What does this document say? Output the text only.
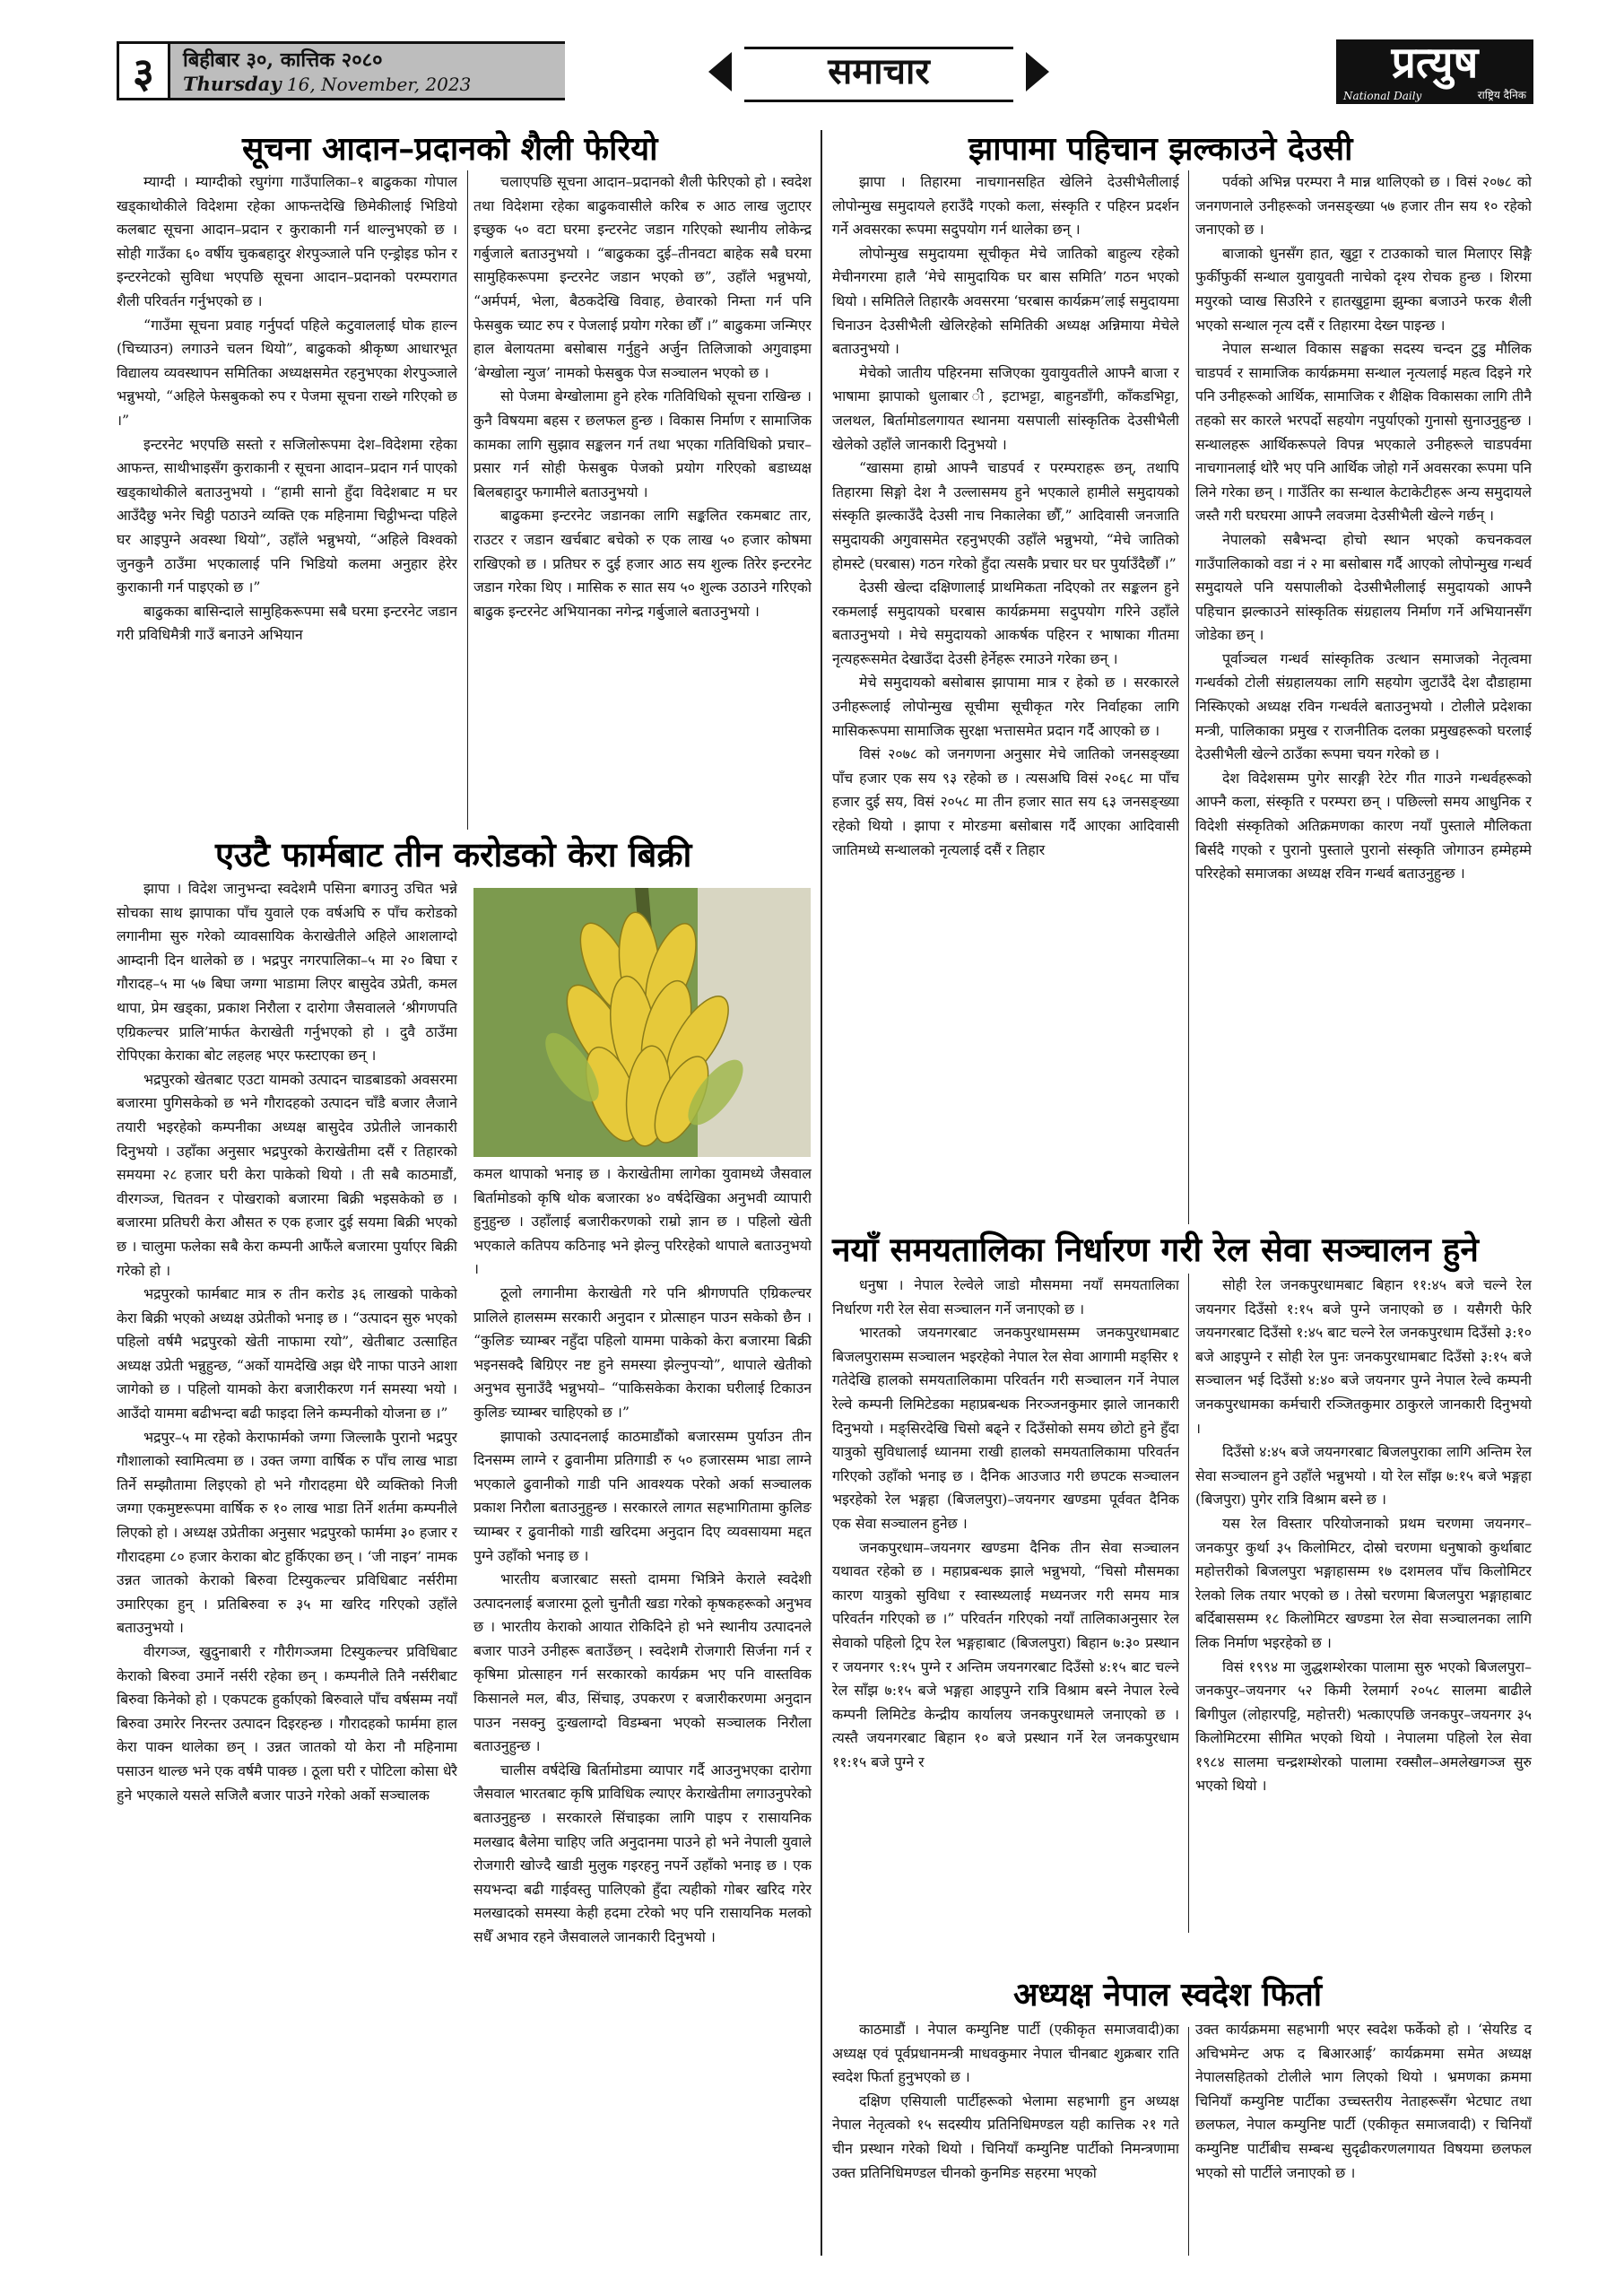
३	बिहीबार ३०, कात्तिक २०८०
Thursday 16, November, 2023	समाचार	प्रत्युष
National Daily	राष्ट्रिय दैनिक
सूचना आदान–प्रदानको शैली फेरियो

म्याग्दी । म्याग्दीको रघुगंगा गाउँपालिका–१ बाढुकका गोपाल खड्काथोकीले विदेशमा रहेका आफन्तदेखि छिमेकीलाई भिडियो कलबाट सूचना आदान–प्रदान र कुराकानी गर्न थाल्नुभएको छ । सोही गाउँका ६० वर्षीय चुकबहादुर शेरपुञ्जाले पनि एन्ड्रोइड फोन र इन्टरनेटको सुविधा भएपछि सूचना आदान–प्रदानको परम्परागत शैली परिवर्तन गर्नुभएको छ ।

“गाउँमा सूचना प्रवाह गर्नुपर्दा पहिले कटुवाललाई घोक हाल्न (चिच्याउन) लगाउने चलन थियो”, बाढुकको श्रीकृष्ण आधारभूत विद्यालय व्यवस्थापन समितिका अध्यक्षसमेत रहनुभएका शेरपुञ्जाले भन्नुभयो, “अहिले फेसबुकको रुप र पेजमा सूचना राख्ने गरिएको छ ।”

इन्टरनेट भएपछि सस्तो र सजिलोरूपमा देश–विदेशमा रहेका आफन्त, साथीभाइसँग कुराकानी र सूचना आदान–प्रदान गर्न पाएको खड्काथोकीले बताउनुभयो । “हामी सानो हुँदा विदेशबाट म घर आउँदैछु भनेर चिट्ठी पठाउने व्यक्ति एक महिनामा चिट्ठीभन्दा पहिले घर आइपुग्ने अवस्था थियो”, उहाँले भन्नुभयो, “अहिले विश्वको जुनकुनै ठाउँमा भएकालाई पनि भिडियो कलमा अनुहार हेरेर कुराकानी गर्न पाइएको छ ।”

बाढुकका बासिन्दाले सामुहिकरूपमा सबै घरमा इन्टरनेट जडान गरी प्रविधिमैत्री गाउँ बनाउने अभियान

चलाएपछि सूचना आदान–प्रदानको शैली फेरिएको हो । स्वदेश तथा विदेशमा रहेका बाढुकवासीले करिब रु आठ लाख जुटाएर इच्छुक ५० वटा घरमा इन्टरनेट जडान गरिएको स्थानीय लोकेन्द्र गर्बुजाले बताउनुभयो । “बाढुकका दुई–तीनवटा बाहेक सबै घरमा सामुहिकरूपमा इन्टरनेट जडान भएको छ”, उहाँले भन्नुभयो, “अर्मपर्म, भेला, बैठकदेखि विवाह, छेवारको निम्ता गर्न पनि फेसबुक च्याट रुप र पेजलाई प्रयोग गरेका छौँ ।” बाढुकमा जन्मिएर हाल बेलायतमा बसोबास गर्नुहुने अर्जुन तिलिजाको अगुवाइमा ‘बेग्खोला न्युज’ नामको फेसबुक पेज सञ्चालन भएको छ ।

सो पेजमा बेग्खोलामा हुने हरेक गतिविधिको सूचना राखिन्छ । कुनै विषयमा बहस र छलफल हुन्छ । विकास निर्माण र सामाजिक कामका लागि सुझाव सङ्कलन गर्न तथा भएका गतिविधिको प्रचार–प्रसार गर्न सोही फेसबुक पेजको प्रयोग गरिएको बडाध्यक्ष बिलबहादुर फगामीले बताउनुभयो ।

बाढुकमा इन्टरनेट जडानका लागि सङ्कलित रकमबाट तार, राउटर र जडान खर्चबाट बचेको रु एक लाख ५० हजार कोषमा राखिएको छ । प्रतिघर रु दुई हजार आठ सय शुल्क तिरेर इन्टरनेट जडान गरेका थिए । मासिक रु सात सय ५० शुल्क उठाउने गरिएको बाढुक इन्टरनेट अभियानका नगेन्द्र गर्बुजाले बताउनुभयो ।

एउटै फार्मबाट तीन करोडको केरा बिक्री

झापा । विदेश जानुभन्दा स्वदेशमै पसिना बगाउनु उचित भन्ने सोचका साथ झापाका पाँच युवाले एक वर्षअघि रु पाँच करोडको लगानीमा सुरु गरेको व्यावसायिक केराखेतीले अहिले आशलाग्दो आम्दानी दिन थालेको छ । भद्रपुर नगरपालिका–५ मा २० बिघा र गौरादह–५ मा ५७ बिघा जग्गा भाडामा लिएर बासुदेव उप्रेती, कमल थापा, प्रेम खड्का, प्रकाश निरौला र दारोगा जैसवालले ‘श्रीगणपति एग्रिकल्चर प्रालि’मार्फत केराखेती गर्नुभएको हो । दुवै ठाउँमा रोपिएका केराका बोट लहलह भएर फस्टाएका छन् ।

भद्रपुरको खेतबाट एउटा यामको उत्पादन चाडबाडको अवसरमा बजारमा पुगिसकेको छ भने गौरादहको उत्पादन चाँडै बजार लैजाने तयारी भइरहेको कम्पनीका अध्यक्ष बासुदेव उप्रेतीले जानकारी दिनुभयो । उहाँका अनुसार भद्रपुरको केराखेतीमा दसैं र तिहारको समयमा २८ हजार घरी केरा पाकेको थियो । ती सबै काठमाडौं, वीरगञ्ज, चितवन र पोखराको बजारमा बिक्री भइसकेको छ । बजारमा प्रतिघरी केरा औसत रु एक हजार दुई सयमा बिक्री भएको छ । चालुमा फलेका सबै केरा कम्पनी आफैंले बजारमा पुर्याएर बिक्री गरेको हो ।

भद्रपुरको फार्मबाट मात्र रु तीन करोड ३६ लाखको पाकेको केरा बिक्री भएको अध्यक्ष उप्रेतीको भनाइ छ । “उत्पादन सुरु भएको पहिलो वर्षमै भद्रपुरको खेती नाफामा रयो”, खेतीबाट उत्साहित अध्यक्ष उप्रेती भन्नुहुन्छ, “अर्को यामदेखि अझ धेरै नाफा पाउने आशा जागेको छ । पहिलो यामको केरा बजारीकरण गर्न समस्या भयो । आउँदो याममा बढीभन्दा बढी फाइदा लिने कम्पनीको योजना छ ।”

भद्रपुर–५ मा रहेको केराफार्मको जग्गा जिल्लाकै पुरानो भद्रपुर गौशालाको स्वामित्वमा छ । उक्त जग्गा वार्षिक रु पाँच लाख भाडा तिर्ने सम्झौतामा लिइएको हो भने गौरादहमा धेरै व्यक्तिको निजी जग्गा एकमुष्टरूपमा वार्षिक रु १० लाख भाडा तिर्ने शर्तमा कम्पनीले लिएको हो । अध्यक्ष उप्रेतीका अनुसार भद्रपुरको फार्ममा ३० हजार र गौरादहमा ८० हजार केराका बोट हुर्किएका छन् । ‘जी नाइन’ नामक उन्नत जातको केराको बिरुवा टिस्युकल्चर प्रविधिबाट नर्सरीमा उमारिएका हुन् । प्रतिबिरुवा रु ३५ मा खरिद गरिएको उहाँले बताउनुभयो ।

वीरगञ्ज, खुदुनाबारी र गौरीगञ्जमा टिस्युकल्चर प्रविधिबाट केराको बिरुवा उमार्ने नर्सरी रहेका छन् । कम्पनीले तिनै नर्सरीबाट बिरुवा किनेको हो । एकपटक हुर्काएको बिरुवाले पाँच वर्षसम्म नयाँ बिरुवा उमारेर निरन्तर उत्पादन दिइरहन्छ । गौरादहको फार्ममा हाल केरा पाक्न थालेका छन् । उन्नत जातको यो केरा नौ महिनामा पसाउन थाल्छ भने एक वर्षमै पाक्छ । ठूला घरी र पोटिला कोसा धेरै हुने भएकाले यसले सजिलै बजार पाउने गरेको अर्को सञ्चालक

कमल थापाको भनाइ छ । केराखेतीमा लागेका युवामध्ये जैसवाल बिर्तामोडको कृषि थोक बजारका ४० वर्षदेखिका अनुभवी व्यापारी हुनुहुन्छ । उहाँलाई बजारीकरणको राम्रो ज्ञान छ । पहिलो खेती भएकाले कतिपय कठिनाइ भने झेल्नु परिरहेको थापाले बताउनुभयो ।

ठूलो लगानीमा केराखेती गरे पनि श्रीगणपति एग्रिकल्चर प्रालिले हालसम्म सरकारी अनुदान र प्रोत्साहन पाउन सकेको छैन । “कुलिङ च्याम्बर नहुँदा पहिलो याममा पाकेको केरा बजारमा बिक्री भइनसक्दै बिग्रिएर नष्ट हुने समस्या झेल्नुपर्‍यो”, थापाले खेतीको अनुभव सुनाउँदै भन्नुभयो– “पाकिसकेका केराका घरीलाई टिकाउन कुलिङ च्याम्बर चाहिएको छ ।”

झापाको उत्पादनलाई काठमाडौंको बजारसम्म पुर्याउन तीन दिनसम्म लाग्ने र ढुवानीमा प्रतिगाडी रु ५० हजारसम्म भाडा लाग्ने भएकाले ढुवानीको गाडी पनि आवश्यक परेको अर्का सञ्चालक प्रकाश निरौला बताउनुहुन्छ । सरकारले लागत सहभागितामा कुलिङ च्याम्बर र ढुवानीको गाडी खरिदमा अनुदान दिए व्यवसायमा मद्दत पुग्ने उहाँको भनाइ छ ।

भारतीय बजारबाट सस्तो दाममा भित्रिने केराले स्वदेशी उत्पादनलाई बजारमा ठूलो चुनौती खडा गरेको कृषकहरूको अनुभव छ । भारतीय केराको आयात रोकिदिने हो भने स्थानीय उत्पादनले बजार पाउने उनीहरू बताउँछन् । स्वदेशमै रोजगारी सिर्जना गर्न र कृषिमा प्रोत्साहन गर्न सरकारको कार्यक्रम भए पनि वास्तविक किसानले मल, बीउ, सिंचाइ, उपकरण र बजारीकरणमा अनुदान पाउन नसक्नु दुःखलाग्दो विडम्बना भएको सञ्चालक निरौला बताउनुहुन्छ ।

चालीस वर्षदेखि बिर्तामोडमा व्यापार गर्दै आउनुभएका दारोगा जैसवाल भारतबाट कृषि प्राविधिक ल्याएर केराखेतीमा लगाउनुपरेको बताउनुहुन्छ । सरकारले सिंचाइका लागि पाइप र रासायनिक मलखाद बैलेमा चाहिए जति अनुदानमा पाउने हो भने नेपाली युवाले रोजगारी खोज्दै खाडी मुलुक गइरहनु नपर्ने उहाँको भनाइ छ । एक सयभन्दा बढी गाईवस्तु पालिएको हुँदा त्यहीको गोबर खरिद गरेर मलखादको समस्या केही हदमा टरेको भए पनि रासायनिक मलको सधैँ अभाव रहने जैसवालले जानकारी दिनुभयो ।

झापामा पहिचान झल्काउने देउसी

झापा । तिहारमा नाचगानसहित खेलिने देउसीभैलीलाई लोपोन्मुख समुदायले हराउँदै गएको कला, संस्कृति र पहिरन प्रदर्शन गर्ने अवसरका रूपमा सदुपयोग गर्न थालेका छन् ।

लोपोन्मुख समुदायमा सूचीकृत मेचे जातिको बाहुल्य रहेको मेचीनगरमा हालै ‘मेचे सामुदायिक घर बास समिति’ गठन भएको थियो । समितिले तिहारकै अवसरमा ‘घरबास कार्यक्रम’लाई समुदायमा चिनाउन देउसीभैली खेलिरहेको समितिकी अध्यक्ष अन्निमाया मेचेले बताउनुभयो ।

मेचेको जातीय पहिरनमा सजिएका युवायुवतीले आफ्नै बाजा र भाषामा झापाको धुलाबार ी, इटाभट्टा, बाहुनडाँगी, काँकडभिट्टा, जलथल, बिर्तामोडलगायत स्थानमा यसपाली सांस्कृतिक देउसीभैली खेलेको उहाँले जानकारी दिनुभयो ।

“खासमा हाम्रो आफ्नै चाडपर्व र परम्पराहरू छन्, तथापि तिहारमा सिङ्गो देश नै उल्लासमय हुने भएकाले हामीले समुदायको संस्कृति झल्काउँदै देउसी नाच निकालेका छौँ,” आदिवासी जनजाति समुदायकी अगुवासमेत रहनुभएकी उहाँले भन्नुभयो, “मेचे जातिको होमस्टे (घरबास) गठन गरेको हुँदा त्यसकै प्रचार घर घर पुर्याउँदैछौँ ।”

देउसी खेल्दा दक्षिणालाई प्राथमिकता नदिएको तर सङ्कलन हुने रकमलाई समुदायको घरबास कार्यक्रममा सदुपयोग गरिने उहाँले बताउनुभयो । मेचे समुदायको आकर्षक पहिरन र भाषाका गीतमा नृत्यहरूसमेत देखाउँदा देउसी हेर्नेहरू रमाउने गरेका छन् ।

मेचे समुदायको बसोबास झापामा मात्र र हेको छ । सरकारले उनीहरूलाई लोपोन्मुख सूचीमा सूचीकृत गरेर निर्वाहका लागि मासिकरूपमा सामाजिक सुरक्षा भत्तासमेत प्रदान गर्दै आएको छ ।

विसं २०७८ को जनगणना अनुसार मेचे जातिको जनसङ्ख्या पाँच हजार एक सय ९३ रहेको छ । त्यसअघि विसं २०६८ मा पाँच हजार दुई सय, विसं २०५८ मा तीन हजार सात सय ६३ जनसङ्ख्या रहेको थियो । झापा र मोरङमा बसोबास गर्दै आएका आदिवासी जातिमध्ये सन्थालको नृत्यलाई दसैं र तिहार

पर्वको अभिन्न परम्परा नै मान्न थालिएको छ । विसं २०७८ को जनगणनाले उनीहरूको जनसङ्ख्या ५७ हजार तीन सय १० रहेको जनाएको छ ।

बाजाको धुनसँग हात, खुट्टा र टाउकाको चाल मिलाएर सिङ्गै फुर्कीफुर्की सन्थाल युवायुवती नाचेको दृश्य रोचक हुन्छ । शिरमा मयुरको प्वाख सिउरिने र हातखुट्टामा झुम्का बजाउने फरक शैली भएको सन्थाल नृत्य दसैं र तिहारमा देख्न पाइन्छ ।

नेपाल सन्थाल विकास सङ्घका सदस्य चन्दन टुडु मौलिक चाडपर्व र सामाजिक कार्यक्रममा सन्थाल नृत्यलाई महत्व दिइने गरे पनि उनीहरूको आर्थिक, सामाजिक र शैक्षिक विकासका लागि तीनै तहको सर कारले भरपर्दो सहयोग नपुर्याएको गुनासो सुनाउनुहुन्छ । सन्थालहरू आर्थिकरूपले विपन्न भएकाले उनीहरूले चाडपर्वमा नाचगानलाई थोरै भए पनि आर्थिक जोहो गर्ने अवसरका रूपमा पनि लिने गरेका छन् । गाउँतिर का सन्थाल केटाकेटीहरू अन्य समुदायले जस्तै गरी घरघरमा आफ्नै लवजमा देउसीभैली खेल्ने गर्छन् ।

नेपालको सबैभन्दा होचो स्थान भएको कचनकवल गाउँपालिकाको वडा नं २ मा बसोबास गर्दै आएको लोपोन्मुख गन्धर्व समुदायले पनि यसपालीको देउसीभैलीलाई समुदायको आफ्नै पहिचान झल्काउने सांस्कृतिक संग्रहालय निर्माण गर्ने अभियानसँग जोडेका छन् ।

पूर्वाञ्चल गन्धर्व सांस्कृतिक उत्थान समाजको नेतृत्वमा गन्धर्वको टोली संग्रहालयका लागि सहयोग जुटाउँदै देश दौडाहामा निस्किएको अध्यक्ष रविन गन्धर्वले बताउनुभयो । टोलीले प्रदेशका मन्त्री, पालिकाका प्रमुख र राजनीतिक दलका प्रमुखहरूको घरलाई देउसीभैली खेल्ने ठाउँका रूपमा चयन गरेको छ ।

देश विदेशसम्म पुगेर सारङ्गी रेटेर गीत गाउने गन्धर्वहरूको आफ्नै कला, संस्कृति र परम्परा छन् । पछिल्लो समय आधुनिक र विदेशी संस्कृतिको अतिक्रमणका कारण नयाँ पुस्ताले मौलिकता बिर्सदै गएको र पुरानो पुस्ताले पुरानो संस्कृति जोगाउन हम्मेहम्मे परिरहेको समाजका अध्यक्ष रविन गन्धर्व बताउनुहुन्छ ।

नयाँ समयतालिका निर्धारण गरी रेल सेवा सञ्चालन हुने

धनुषा । नेपाल रेल्वेले जाडो मौसममा नयाँ समयतालिका निर्धारण गरी रेल सेवा सञ्चालन गर्ने जनाएको छ ।

भारतको जयनगरबाट जनकपुरधामसम्म जनकपुरधामबाट बिजलपुरासम्म सञ्चालन भइरहेको नेपाल रेल सेवा आगामी मङ्सिर १ गतेदेखि हालको समयतालिकामा परिवर्तन गरी सञ्चालन गर्ने नेपाल रेल्वे कम्पनी लिमिटेडका महाप्रबन्धक निरञ्जनकुमार झाले जानकारी दिनुभयो । मङ्सिरदेखि चिसो बढ्ने र दिउँसोको समय छोटो हुने हुँदा यात्रुको सुविधालाई ध्यानमा राखी हालको समयतालिकामा परिवर्तन गरिएको उहाँको भनाइ छ । दैनिक आउजाउ गरी छपटक सञ्चालन भइरहेको रेल भङ्गहा (बिजलपुरा)–जयनगर खण्डमा पूर्ववत दैनिक एक सेवा सञ्चालन हुनेछ ।

जनकपुरधाम–जयनगर खण्डमा दैनिक तीन सेवा सञ्चालन यथावत रहेको छ । महाप्रबन्धक झाले भन्नुभयो, “चिसो मौसमका कारण यात्रुको सुविधा र स्वास्थ्यलाई मध्यनजर गरी समय मात्र परिवर्तन गरिएको छ ।” परिवर्तन गरिएको नयाँ तालिकाअनुसार रेल सेवाको पहिलो ट्रिप रेल भङ्गहाबाट (बिजलपुरा) बिहान ७:३० प्रस्थान र जयनगर ९:१५ पुग्ने र अन्तिम जयनगरबाट दिउँसो ४:१५ बाट चल्ने रेल साँझ ७:१५ बजे भङ्गहा आइपुग्ने रात्रि विश्राम बस्ने नेपाल रेल्वे कम्पनी लिमिटेड केन्द्रीय कार्यालय जनकपुरधामले जनाएको छ । त्यस्तै जयनगरबाट बिहान १० बजे प्रस्थान गर्ने रेल जनकपुरधाम ११:१५ बजे पुग्ने र

सोही रेल जनकपुरधामबाट बिहान ११:४५ बजे चल्ने रेल जयनगर दिउँसो १:१५ बजे पुग्ने जनाएको छ । यसैगरी फेरि जयनगरबाट दिउँसो १:४५ बाट चल्ने रेल जनकपुरधाम दिउँसो ३:१० बजे आइपुग्ने र सोही रेल पुनः जनकपुरधामबाट दिउँसो ३:१५ बजे सञ्चालन भई दिउँसो ४:४० बजे जयनगर पुग्ने नेपाल रेल्वे कम्पनी जनकपुरधामका कर्मचारी रञ्जितकुमार ठाकुरले जानकारी दिनुभयो ।

दिउँसो ४:४५ बजे जयनगरबाट बिजलपुराका लागि अन्तिम रेल सेवा सञ्चालन हुने उहाँले भन्नुभयो । यो रेल साँझ ७:१५ बजे भङ्गहा (बिजपुरा) पुगेर रात्रि विश्राम बस्ने छ ।

यस रेल विस्तार परियोजनाको प्रथम चरणमा जयनगर–जनकपुर कुर्था ३५ किलोमिटर, दोस्रो चरणमा धनुषाको कुर्थाबाट महोत्तरीको बिजलपुरा भङ्गाहासम्म १७ दशमलव पाँच किलोमिटर रेलको लिक तयार भएको छ । तेस्रो चरणमा बिजलपुरा भङ्गाहाबाट बर्दिबाससम्म १८ किलोमिटर खण्डमा रेल सेवा सञ्चालनका लागि लिक निर्माण भइरहेको छ ।

विसं १९९४ मा जुद्धशम्शेरका पालामा सुरु भएको बिजलपुरा–जनकपुर–जयनगर ५२ किमी रेलमार्ग २०५८ सालमा बाढीले बिगीपुल (लोहारपट्टि, महोत्तरी) भत्काएपछि जनकपुर–जयनगर ३५ किलोमिटरमा सीमित भएको थियो । नेपालमा पहिलो रेल सेवा १९८४ सालमा चन्द्रशम्शेरको पालामा रक्सौल–अमलेखगञ्ज सुरु भएको थियो ।

अध्यक्ष नेपाल स्वदेश फिर्ता

काठमाडौं । नेपाल कम्युनिष्ट पार्टी (एकीकृत समाजवादी)का अध्यक्ष एवं पूर्वप्रधानमन्त्री माधवकुमार नेपाल चीनबाट शुक्रबार राति स्वदेश फिर्ता हुनुभएको छ ।

दक्षिण एसियाली पार्टीहरूको भेलामा सहभागी हुन अध्यक्ष नेपाल नेतृत्वको १५ सदस्यीय प्रतिनिधिमण्डल यही कात्तिक २१ गते चीन प्रस्थान गरेको थियो । चिनियाँ कम्युनिष्ट पार्टीको निमन्त्रणामा उक्त प्रतिनिधिमण्डल चीनको कुनमिङ सहरमा भएको

उक्त कार्यक्रममा सहभागी भएर स्वदेश फर्केको हो । ‘सेयरिड द अचिभमेन्ट अफ द बिआरआई’ कार्यक्रममा समेत अध्यक्ष नेपालसहितको टोलीले भाग लिएको थियो । भ्रमणका क्रममा चिनियाँ कम्युनिष्ट पार्टीका उच्चस्तरीय नेताहरूसँग भेटघाट तथा छलफल, नेपाल कम्युनिष्ट पार्टी (एकीकृत समाजवादी) र चिनियाँ कम्युनिष्ट पार्टीबीच सम्बन्ध सुदृढीकरणलगायत विषयमा छलफल भएको सो पार्टीले जनाएको छ ।
